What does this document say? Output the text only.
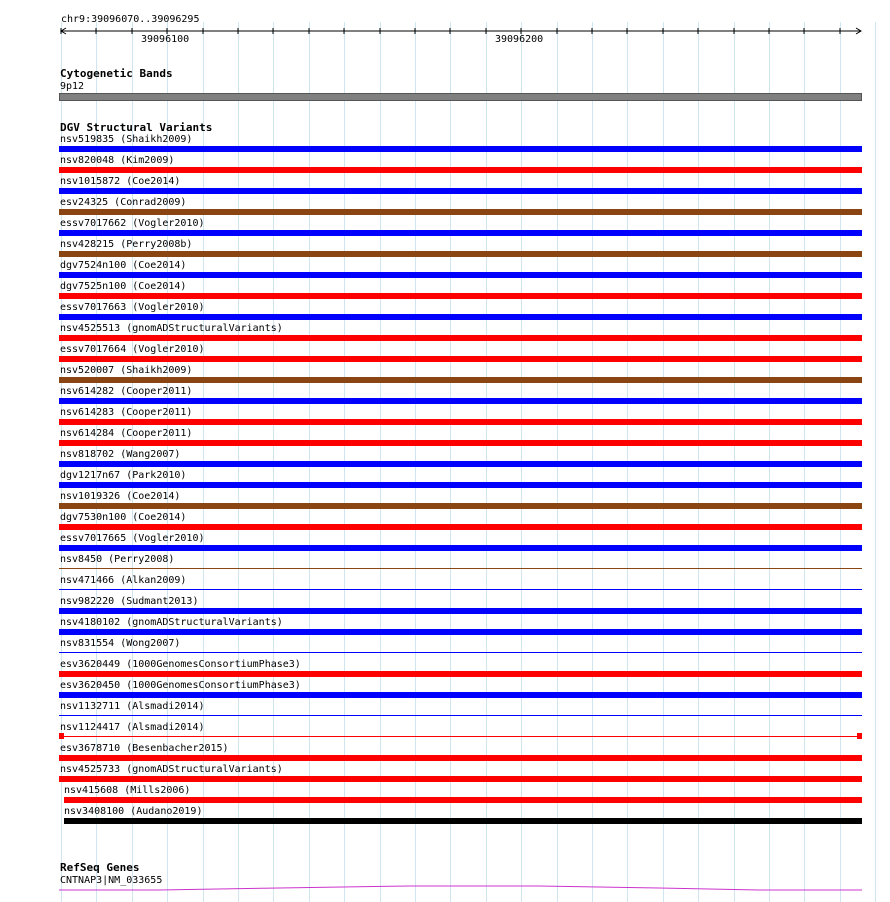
chr9:39096070..39096295
39096100	39096200
Cytogenetic Bands
9p12
DGV Structural Variants
nsv519835 (Shaikh2009)
nsv820048 (Kim2009)
nsv1015872 (Coe2014)
esv24325 (Conrad2009)
essv7017662 (Vogler2010)
nsv428215 (Perry2008b)
dgv7524n100 (Coe2014)
dgv7525n100 (Coe2014)
essv7017663 (Vogler2010)
nsv4525513 (gnomADStructuralVariants)
essv7017664 (Vogler2010)
nsv520007 (Shaikh2009)
nsv614282 (Cooper2011)
nsv614283 (Cooper2011)
nsv614284 (Cooper2011)
nsv818702 (Wang2007)
dgv1217n67 (Park2010)
nsv1019326 (Coe2014)
dgv7530n100 (Coe2014)
essv7017665 (Vogler2010)
nsv8450 (Perry2008)
nsv471466 (Alkan2009)
nsv982220 (Sudmant2013)
nsv4180102 (gnomADStructuralVariants)
nsv831554 (Wong2007)
esv3620449 (1000GenomesConsortiumPhase3)
esv3620450 (1000GenomesConsortiumPhase3)
nsv1132711 (Alsmadi2014)
nsv1124417 (Alsmadi2014)
esv3678710 (Besenbacher2015)
nsv4525733 (gnomADStructuralVariants)
nsv415608 (Mills2006)
nsv3408100 (Audano2019)
RefSeq Genes
CNTNAP3|NM_033655
